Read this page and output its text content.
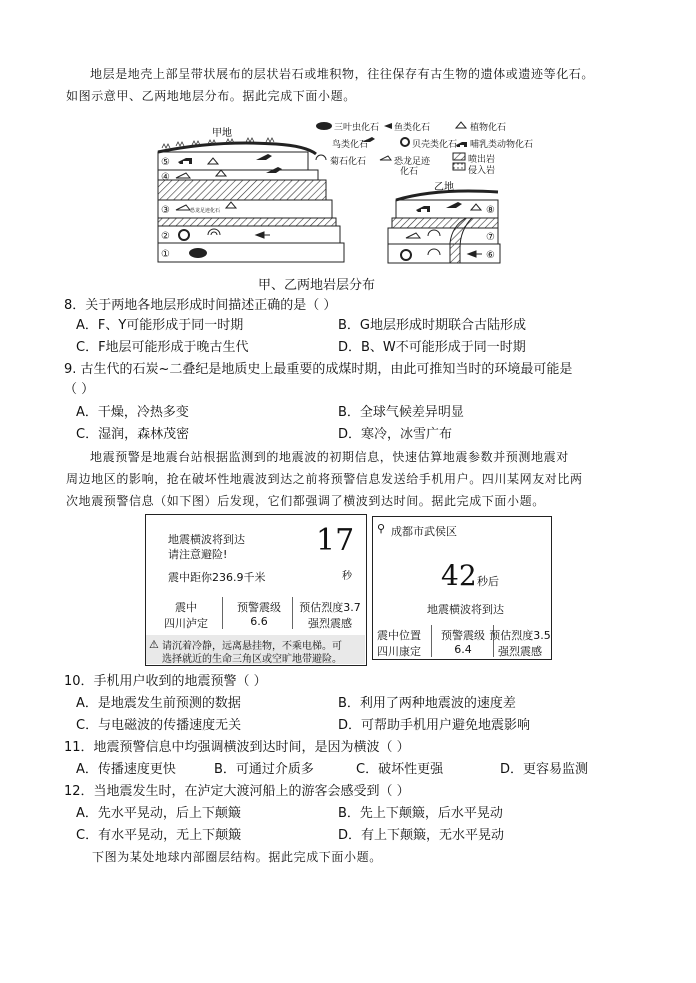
地层是地壳上部呈带状展布的层状岩石或堆积物，往往保存有古生物的遗体或遗迹等化石。
如图示意甲、乙两地地层分布。据此完成下面小题。
①
②
③
④
⑤
恐龙足迹化石
甲地
⑥
⑦
⑧
乙地
三叶虫化石 鱼类化石	植物化石
鸟类化石	贝壳类化石 哺乳类动物化石
菊石化石	恐龙足迹
化石
喷出岩
侵入岩
甲、乙两地岩层分布
8．关于两地各地层形成时间描述正确的是（ ）
A．F、Y可能形成于同一时期	B．G地层形成时期联合古陆形成
C．F地层可能形成于晚古生代	D．B、W不可能形成于同一时期
9. 古生代的石炭~二叠纪是地质史上最重要的成煤时期，由此可推知当时的环境最可能是
（ ）
A．干燥，冷热多变	B．全球气候差异明显
C．湿润，森林茂密	D．寒冷，冰雪广布
地震预警是地震台站根据监测到的地震波的初期信息，快速估算地震参数并预测地震对
周边地区的影响，抢在破坏性地震波到达之前将预警信息发送给手机用户。四川某网友对比两
次地震预警信息（如下图）后发现，它们都强调了横波到达时间。据此完成下面小题。
地震横波将到达
请注意避险!	17
秒
震中距你236.9千米
震中
四川泸定
预警震级
6.6
预估烈度3.7
强烈震感
⚠ 请沉着冷静，远离悬挂物，不乘电梯。可
选择就近的生命三角区或空旷地带避险。
⚲ 成都市武侯区
42 秒后
地震横波将到达
震中位置
四川康定
预警震级
6.4
预估烈度3.5
强烈震感
10．手机用户收到的地震预警（ ）
A．是地震发生前预测的数据	B．利用了两种地震波的速度差
C．与电磁波的传播速度无关	D．可帮助手机用户避免地震影响
11．地震预警信息中均强调横波到达时间，是因为横波（ ）
A．传播速度更快	B．可通过介质多	C．破坏性更强	D．更容易监测
12．当地震发生时，在泸定大渡河船上的游客会感受到（ ）
A．先水平晃动，后上下颠簸	B．先上下颠簸，后水平晃动
C．有水平晃动，无上下颠簸	D．有上下颠簸，无水平晃动
下图为某处地球内部圈层结构。据此完成下面小题。
